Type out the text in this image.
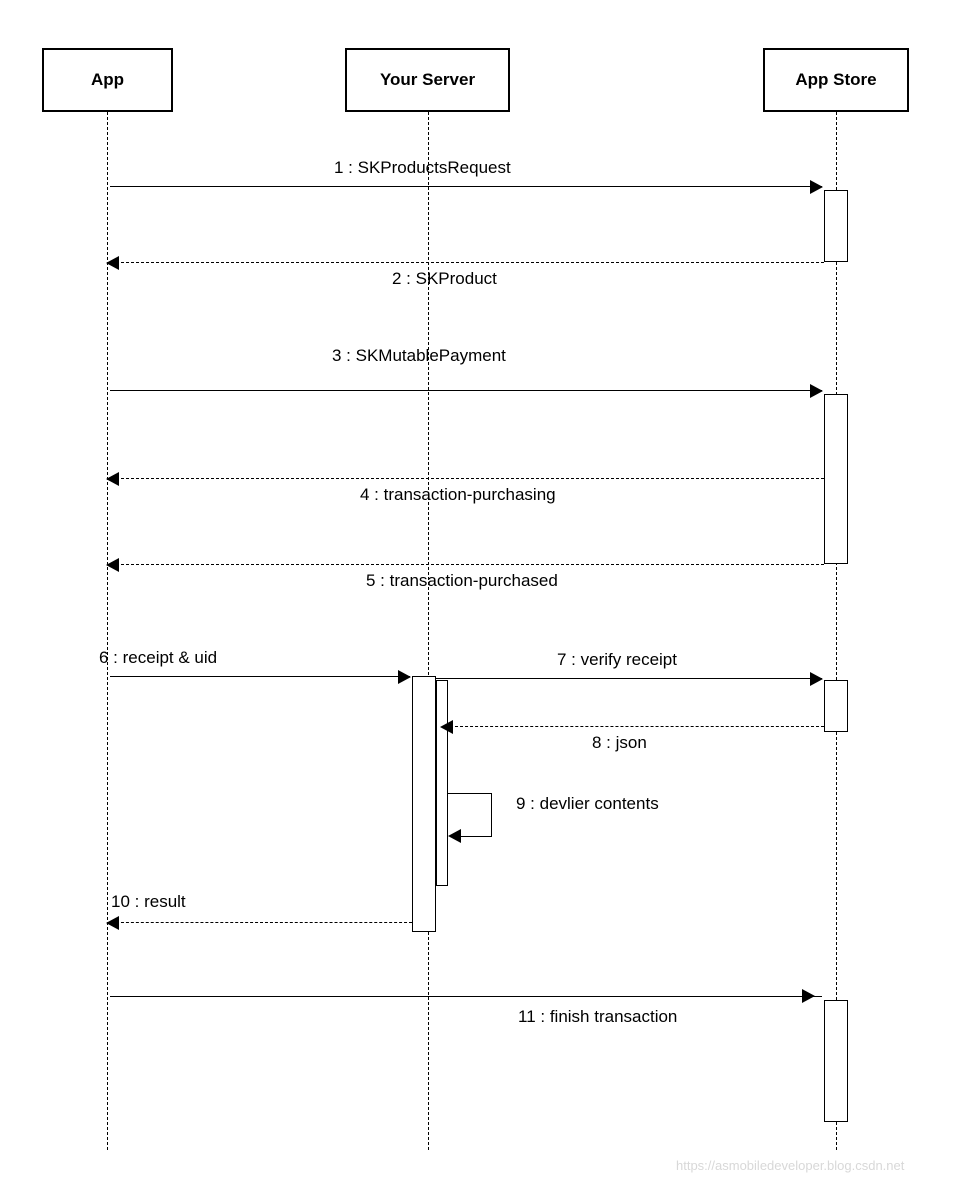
App	Your Server	App Store
1 : SKProductsRequest
2 : SKProduct
3 : SKMutablePayment
4 : transaction-purchasing
5 : transaction-purchased
6 : receipt & uid	7 : verify receipt
8 : json
9 : devlier contents
10 : result
11 : finish transaction
https://asmobiledeveloper.blog.csdn.net
